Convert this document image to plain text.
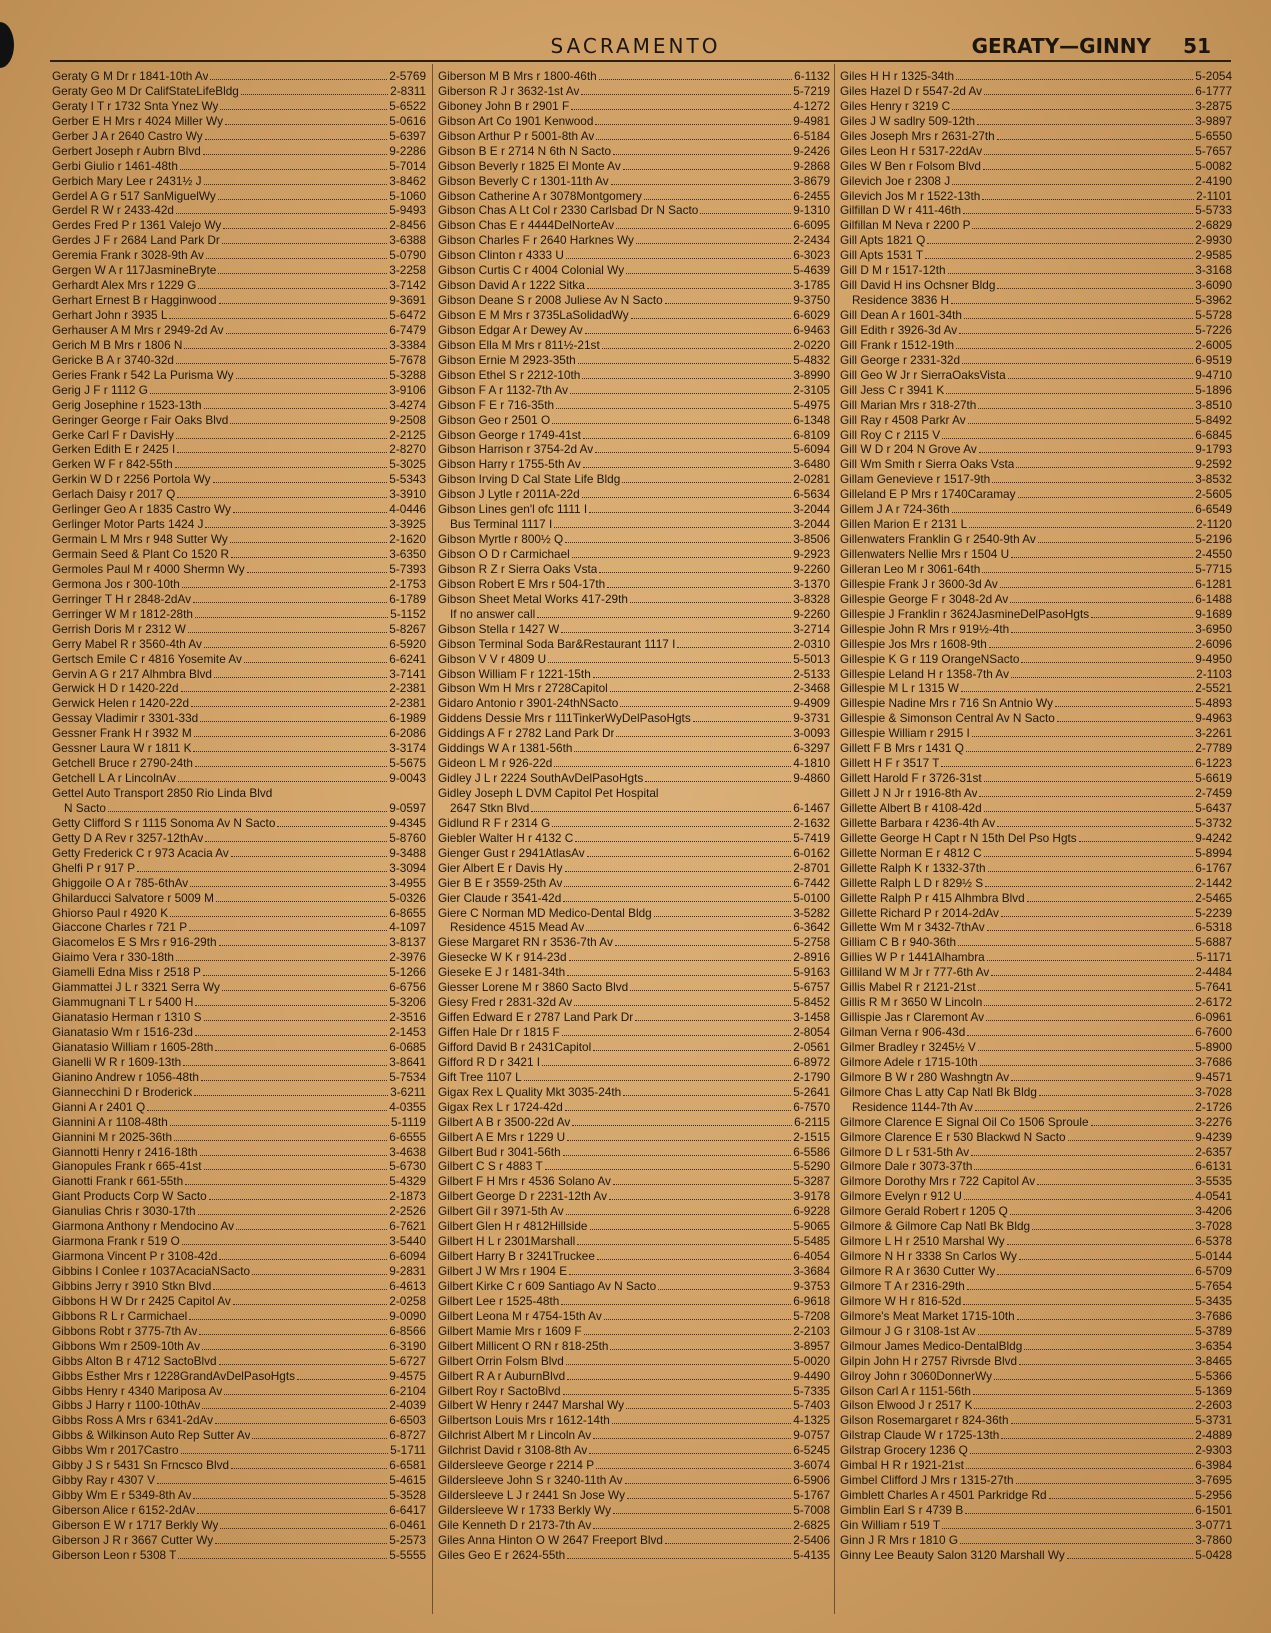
SACRAMENTO	GERATY—GINNY 51
Geraty G M Dr r 1841-10th Av	2-5769
Geraty Geo M Dr CalifStateLifeBldg	2-8311
Geraty I T r 1732 Snta Ynez Wy	5-6522
Gerber E H Mrs r 4024 Miller Wy	5-0616
Gerber J A r 2640 Castro Wy	5-6397
Gerbert Joseph r Aubrn Blvd	9-2286
Gerbi Giulio r 1461-48th	5-7014
Gerbich Mary Lee r 2431½ J	3-8462
Gerdel A G r 517 SanMiguelWy	5-1060
Gerdel R W r 2433-42d	5-9493
Gerdes Fred P r 1361 Valejo Wy	2-8456
Gerdes J F r 2684 Land Park Dr	3-6388
Geremia Frank r 3028-9th Av	5-0790
Gergen W A r 117JasmineBryte	3-2258
Gerhardt Alex Mrs r 1229 G	3-7142
Gerhart Ernest B r Hagginwood	9-3691
Gerhart John r 3935 L	5-6472
Gerhauser A M Mrs r 2949-2d Av	6-7479
Gerich M B Mrs r 1806 N	3-3384
Gericke B A r 3740-32d	5-7678
Geries Frank r 542 La Purisma Wy	5-3288
Gerig J F r 1112 G	3-9106
Gerig Josephine r 1523-13th	3-4274
Geringer George r Fair Oaks Blvd	9-2508
Gerke Carl F r DavisHy	2-2125
Gerken Edith E r 2425 I	2-8270
Gerken W F r 842-55th	5-3025
Gerkin W D r 2256 Portola Wy	5-5343
Gerlach Daisy r 2017 Q	3-3910
Gerlinger Geo A r 1835 Castro Wy	4-0446
Gerlinger Motor Parts 1424 J	3-3925
Germain L M Mrs r 948 Sutter Wy	2-1620
Germain Seed & Plant Co 1520 R	3-6350
Germoles Paul M r 4000 Shermn Wy	5-7393
Germona Jos r 300-10th	2-1753
Gerringer T H r 2848-2dAv	6-1789
Gerringer W M r 1812-28th	5-1152
Gerrish Doris M r 2312 W	5-8267
Gerry Mabel R r 3560-4th Av	6-5920
Gertsch Emile C r 4816 Yosemite Av	6-6241
Gervin A G r 217 Alhmbra Blvd	3-7141
Gerwick H D r 1420-22d	2-2381
Gerwick Helen r 1420-22d	2-2381
Gessay Vladimir r 3301-33d	6-1989
Gessner Frank H r 3932 M	6-2086
Gessner Laura W r 1811 K	3-3174
Getchell Bruce r 2790-24th	5-5675
Getchell L A r LincolnAv	9-0043
Gettel Auto Transport 2850 Rio Linda Blvd
N Sacto	9-0597
Getty Clifford S r 1115 Sonoma Av N Sacto	9-4345
Getty D A Rev r 3257-12thAv	5-8760
Getty Frederick C r 973 Acacia Av	9-3488
Ghelfi P r 917 P	3-3094
Ghiggoile O A r 785-6thAv	3-4955
Ghilarducci Salvatore r 5009 M	5-0326
Ghiorso Paul r 4920 K	6-8655
Giaccone Charles r 721 P	4-1097
Giacomelos E S Mrs r 916-29th	3-8137
Giaimo Vera r 330-18th	2-3976
Giamelli Edna Miss r 2518 P	5-1266
Giammattei J L r 3321 Serra Wy	6-6756
Giammugnani T L r 5400 H	5-3206
Gianatasio Herman r 1310 S	2-3516
Gianatasio Wm r 1516-23d	2-1453
Gianatasio William r 1605-28th	6-0685
Gianelli W R r 1609-13th	3-8641
Gianino Andrew r 1056-48th	5-7534
Giannecchini D r Broderick	3-6211
Gianni A r 2401 Q	4-0355
Giannini A r 1108-48th	5-1119
Giannini M r 2025-36th	6-6555
Giannotti Henry r 2416-18th	3-4638
Gianopules Frank r 665-41st	5-6730
Gianotti Frank r 661-55th	5-4329
Giant Products Corp W Sacto	2-1873
Gianulias Chris r 3030-17th	2-2526
Giarmona Anthony r Mendocino Av	6-7621
Giarmona Frank r 519 O	3-5440
Giarmona Vincent P r 3108-42d	6-6094
Gibbins I Conlee r 1037AcaciaNSacto	9-2831
Gibbins Jerry r 3910 Stkn Blvd	6-4613
Gibbons H W Dr r 2425 Capitol Av	2-0258
Gibbons R L r Carmichael	9-0090
Gibbons Robt r 3775-7th Av	6-8566
Gibbons Wm r 2509-10th Av	6-3190
Gibbs Alton B r 4712 SactoBlvd	5-6727
Gibbs Esther Mrs r 1228GrandAvDelPasoHgts	9-4575
Gibbs Henry r 4340 Mariposa Av	6-2104
Gibbs J Harry r 1100-10thAv	2-4039
Gibbs Ross A Mrs r 6341-2dAv	6-6503
Gibbs & Wilkinson Auto Rep Sutter Av	6-8727
Gibbs Wm r 2017Castro	5-1711
Gibby J S r 5431 Sn Frncsco Blvd	6-6581
Gibby Ray r 4307 V	5-4615
Gibby Wm E r 5349-8th Av	5-3528
Giberson Alice r 6152-2dAv	6-6417
Giberson E W r 1717 Berkly Wy	6-0461
Giberson J R r 3667 Cutter Wy	5-2573
Giberson Leon r 5308 T	5-5555
Giberson M B Mrs r 1800-46th	6-1132
Giberson R J r 3632-1st Av	5-7219
Giboney John B r 2901 F	4-1272
Gibson Art Co 1901 Kenwood	9-4981
Gibson Arthur P r 5001-8th Av	6-5184
Gibson B E r 2714 N 6th N Sacto	9-2426
Gibson Beverly r 1825 El Monte Av	9-2868
Gibson Beverly C r 1301-11th Av	3-8679
Gibson Catherine A r 3078Montgomery	6-2455
Gibson Chas A Lt Col r 2330 Carlsbad Dr N Sacto	9-1310
Gibson Chas E r 4444DelNorteAv	6-6095
Gibson Charles F r 2640 Harknes Wy	2-2434
Gibson Clinton r 4333 U	6-3023
Gibson Curtis C r 4004 Colonial Wy	5-4639
Gibson David A r 1222 Sitka	3-1785
Gibson Deane S r 2008 Juliese Av N Sacto	9-3750
Gibson E M Mrs r 3735LaSolidadWy	6-6029
Gibson Edgar A r Dewey Av	6-9463
Gibson Ella M Mrs r 811½-21st	2-0220
Gibson Ernie M 2923-35th	5-4832
Gibson Ethel S r 2212-10th	3-8990
Gibson F A r 1132-7th Av	2-3105
Gibson F E r 716-35th	5-4975
Gibson Geo r 2501 O	6-1348
Gibson George r 1749-41st	6-8109
Gibson Harrison r 3754-2d Av	5-6094
Gibson Harry r 1755-5th Av	3-6480
Gibson Irving D Cal State Life Bldg	2-0281
Gibson J Lytle r 2011A-22d	6-5634
Gibson Lines gen'l ofc 1111 I	3-2044
Bus Terminal 1117 I	3-2044
Gibson Myrtle r 800½ Q	3-8506
Gibson O D r Carmichael	9-2923
Gibson R Z r Sierra Oaks Vsta	9-2260
Gibson Robert E Mrs r 504-17th	3-1370
Gibson Sheet Metal Works 417-29th	3-8328
If no answer call	9-2260
Gibson Stella r 1427 W	3-2714
Gibson Terminal Soda Bar&Restaurant 1117 I	2-0310
Gibson V V r 4809 U	5-5013
Gibson William F r 1221-15th	2-5133
Gibson Wm H Mrs r 2728Capitol	2-3468
Gidaro Antonio r 3901-24thNSacto	9-4909
Giddens Dessie Mrs r 111TinkerWyDelPasoHgts	9-3731
Giddings A F r 2782 Land Park Dr	3-0093
Giddings W A r 1381-56th	6-3297
Gideon L M r 926-22d	4-1810
Gidley J L r 2224 SouthAvDelPasoHgts	9-4860
Gidley Joseph L DVM Capitol Pet Hospital
2647 Stkn Blvd	6-1467
Gidlund R F r 2314 G	2-1632
Giebler Walter H r 4132 C	5-7419
Gienger Gust r 2941AtlasAv	6-0162
Gier Albert E r Davis Hy	2-8701
Gier B E r 3559-25th Av	6-7442
Gier Claude r 3541-42d	5-0100
Giere C Norman MD Medico-Dental Bldg	3-5282
Residence 4515 Mead Av	6-3642
Giese Margaret RN r 3536-7th Av	5-2758
Giesecke W K r 914-23d	2-8916
Gieseke E J r 1481-34th	5-9163
Giesser Lorene M r 3860 Sacto Blvd	5-6757
Giesy Fred r 2831-32d Av	5-8452
Giffen Edward E r 2787 Land Park Dr	3-1458
Giffen Hale Dr r 1815 F	2-8054
Gifford David B r 2431Capitol	2-0561
Gifford R D r 3421 I	6-8972
Gift Tree 1107 L	2-1790
Gigax Rex L Quality Mkt 3035-24th	5-2641
Gigax Rex L r 1724-42d	6-7570
Gilbert A B r 3500-22d Av	6-2115
Gilbert A E Mrs r 1229 U	2-1515
Gilbert Bud r 3041-56th	6-5586
Gilbert C S r 4883 T	5-5290
Gilbert F H Mrs r 4536 Solano Av	5-3287
Gilbert George D r 2231-12th Av	3-9178
Gilbert Gil r 3971-5th Av	6-9228
Gilbert Glen H r 4812Hillside	5-9065
Gilbert H L r 2301Marshall	5-5485
Gilbert Harry B r 3241Truckee	6-4054
Gilbert J W Mrs r 1904 E	3-3684
Gilbert Kirke C r 609 Santiago Av N Sacto	9-3753
Gilbert Lee r 1525-48th	6-9618
Gilbert Leona M r 4754-15th Av	5-7208
Gilbert Mamie Mrs r 1609 F	2-2103
Gilbert Millicent O RN r 818-25th	3-8957
Gilbert Orrin Folsm Blvd	5-0020
Gilbert R A r AuburnBlvd	9-4490
Gilbert Roy r SactoBlvd	5-7335
Gilbert W Henry r 2447 Marshal Wy	5-7403
Gilbertson Louis Mrs r 1612-14th	4-1325
Gilchrist Albert M r Lincoln Av	9-0757
Gilchrist David r 3108-8th Av	6-5245
Gildersleeve George r 2214 P	3-6074
Gildersleeve John S r 3240-11th Av	6-5906
Gildersleeve L J r 2441 Sn Jose Wy	5-1767
Gildersleeve W r 1733 Berkly Wy	5-7008
Gile Kenneth D r 2173-7th Av	2-6825
Giles Anna Hinton O W 2647 Freeport Blvd	2-5406
Giles Geo E r 2624-55th	5-4135
Giles H H r 1325-34th	5-2054
Giles Hazel D r 5547-2d Av	6-1777
Giles Henry r 3219 C	3-2875
Giles J W sadlry 509-12th	3-9897
Giles Joseph Mrs r 2631-27th	5-6550
Giles Leon H r 5317-22dAv	5-7657
Giles W Ben r Folsom Blvd	5-0082
Gilevich Joe r 2308 J	2-4190
Gilevich Jos M r 1522-13th	2-1101
Gilfillan D W r 411-46th	5-5733
Gilfillan M Neva r 2200 P	2-6829
Gill Apts 1821 Q	2-9930
Gill Apts 1531 T	2-9585
Gill D M r 1517-12th	3-3168
Gill David H ins Ochsner Bldg	3-6090
Residence 3836 H	5-3962
Gill Dean A r 1601-34th	5-5728
Gill Edith r 3926-3d Av	5-7226
Gill Frank r 1512-19th	2-6005
Gill George r 2331-32d	6-9519
Gill Geo W Jr r SierraOaksVista	9-4710
Gill Jess C r 3941 K	5-1896
Gill Marian Mrs r 318-27th	3-8510
Gill Ray r 4508 Parkr Av	5-8492
Gill Roy C r 2115 V	6-6845
Gill W D r 204 N Grove Av	9-1793
Gill Wm Smith r Sierra Oaks Vsta	9-2592
Gillam Genevieve r 1517-9th	3-8532
Gilleland E P Mrs r 1740Caramay	2-5605
Gillem J A r 724-36th	6-6549
Gillen Marion E r 2131 L	2-1120
Gillenwaters Franklin G r 2540-9th Av	5-2196
Gillenwaters Nellie Mrs r 1504 U	2-4550
Gilleran Leo M r 3061-64th	5-7715
Gillespie Frank J r 3600-3d Av	6-1281
Gillespie George F r 3048-2d Av	6-1488
Gillespie J Franklin r 3624JasmineDelPasoHgts	9-1689
Gillespie John R Mrs r 919½-4th	3-6950
Gillespie Jos Mrs r 1608-9th	2-6096
Gillespie K G r 119 OrangeNSacto	9-4950
Gillespie Leland H r 1358-7th Av	2-1103
Gillespie M L r 1315 W	2-5521
Gillespie Nadine Mrs r 716 Sn Antnio Wy	5-4893
Gillespie & Simonson Central Av N Sacto	9-4963
Gillespie William r 2915 I	3-2261
Gillett F B Mrs r 1431 Q	2-7789
Gillett H F r 3517 T	6-1223
Gillett Harold F r 3726-31st	5-6619
Gillett J N Jr r 1916-8th Av	2-7459
Gillette Albert B r 4108-42d	5-6437
Gillette Barbara r 4236-4th Av	5-3732
Gillette George H Capt r N 15th Del Pso Hgts	9-4242
Gillette Norman E r 4812 C	5-8994
Gillette Ralph K r 1332-37th	6-1767
Gillette Ralph L D r 829½ S	2-1442
Gillette Ralph P r 415 Alhmbra Blvd	2-5465
Gillette Richard P r 2014-2dAv	5-2239
Gillette Wm M r 3432-7thAv	6-5318
Gilliam C B r 940-36th	5-6887
Gillies W P r 1441Alhambra	5-1171
Gilliland W M Jr r 777-6th Av	2-4484
Gillis Mabel R r 2121-21st	5-7641
Gillis R M r 3650 W Lincoln	2-6172
Gillispie Jas r Claremont Av	6-0961
Gilman Verna r 906-43d	6-7600
Gilmer Bradley r 3245½ V	5-8900
Gilmore Adele r 1715-10th	3-7686
Gilmore B W r 280 Washngtn Av	9-4571
Gilmore Chas L atty Cap Natl Bk Bldg	3-7028
Residence 1144-7th Av	2-1726
Gilmore Clarence E Signal Oil Co 1506 Sproule	3-2276
Gilmore Clarence E r 530 Blackwd N Sacto	9-4239
Gilmore D L r 531-5th Av	2-6357
Gilmore Dale r 3073-37th	6-6131
Gilmore Dorothy Mrs r 722 Capitol Av	3-5535
Gilmore Evelyn r 912 U	4-0541
Gilmore Gerald Robert r 1205 Q	3-4206
Gilmore & Gilmore Cap Natl Bk Bldg	3-7028
Gilmore L H r 2510 Marshal Wy	6-5378
Gilmore N H r 3338 Sn Carlos Wy	5-0144
Gilmore R A r 3630 Cutter Wy	6-5709
Gilmore T A r 2316-29th	5-7654
Gilmore W H r 816-52d	5-3435
Gilmore's Meat Market 1715-10th	3-7686
Gilmour J G r 3108-1st Av	5-3789
Gilmour James Medico-DentalBldg	3-6354
Gilpin John H r 2757 Rivrsde Blvd	3-8465
Gilroy John r 3060DonnerWy	5-5366
Gilson Carl A r 1151-56th	5-1369
Gilson Elwood J r 2517 K	2-2603
Gilson Rosemargaret r 824-36th	5-3731
Gilstrap Claude W r 1725-13th	2-4889
Gilstrap Grocery 1236 Q	2-9303
Gimbal H R r 1921-21st	6-3984
Gimbel Clifford J Mrs r 1315-27th	3-7695
Gimblett Charles A r 4501 Parkridge Rd	5-2956
Gimblin Earl S r 4739 B	6-1501
Gin William r 519 T	3-0771
Ginn J R Mrs r 1810 G	3-7860
Ginny Lee Beauty Salon 3120 Marshall Wy	5-0428
